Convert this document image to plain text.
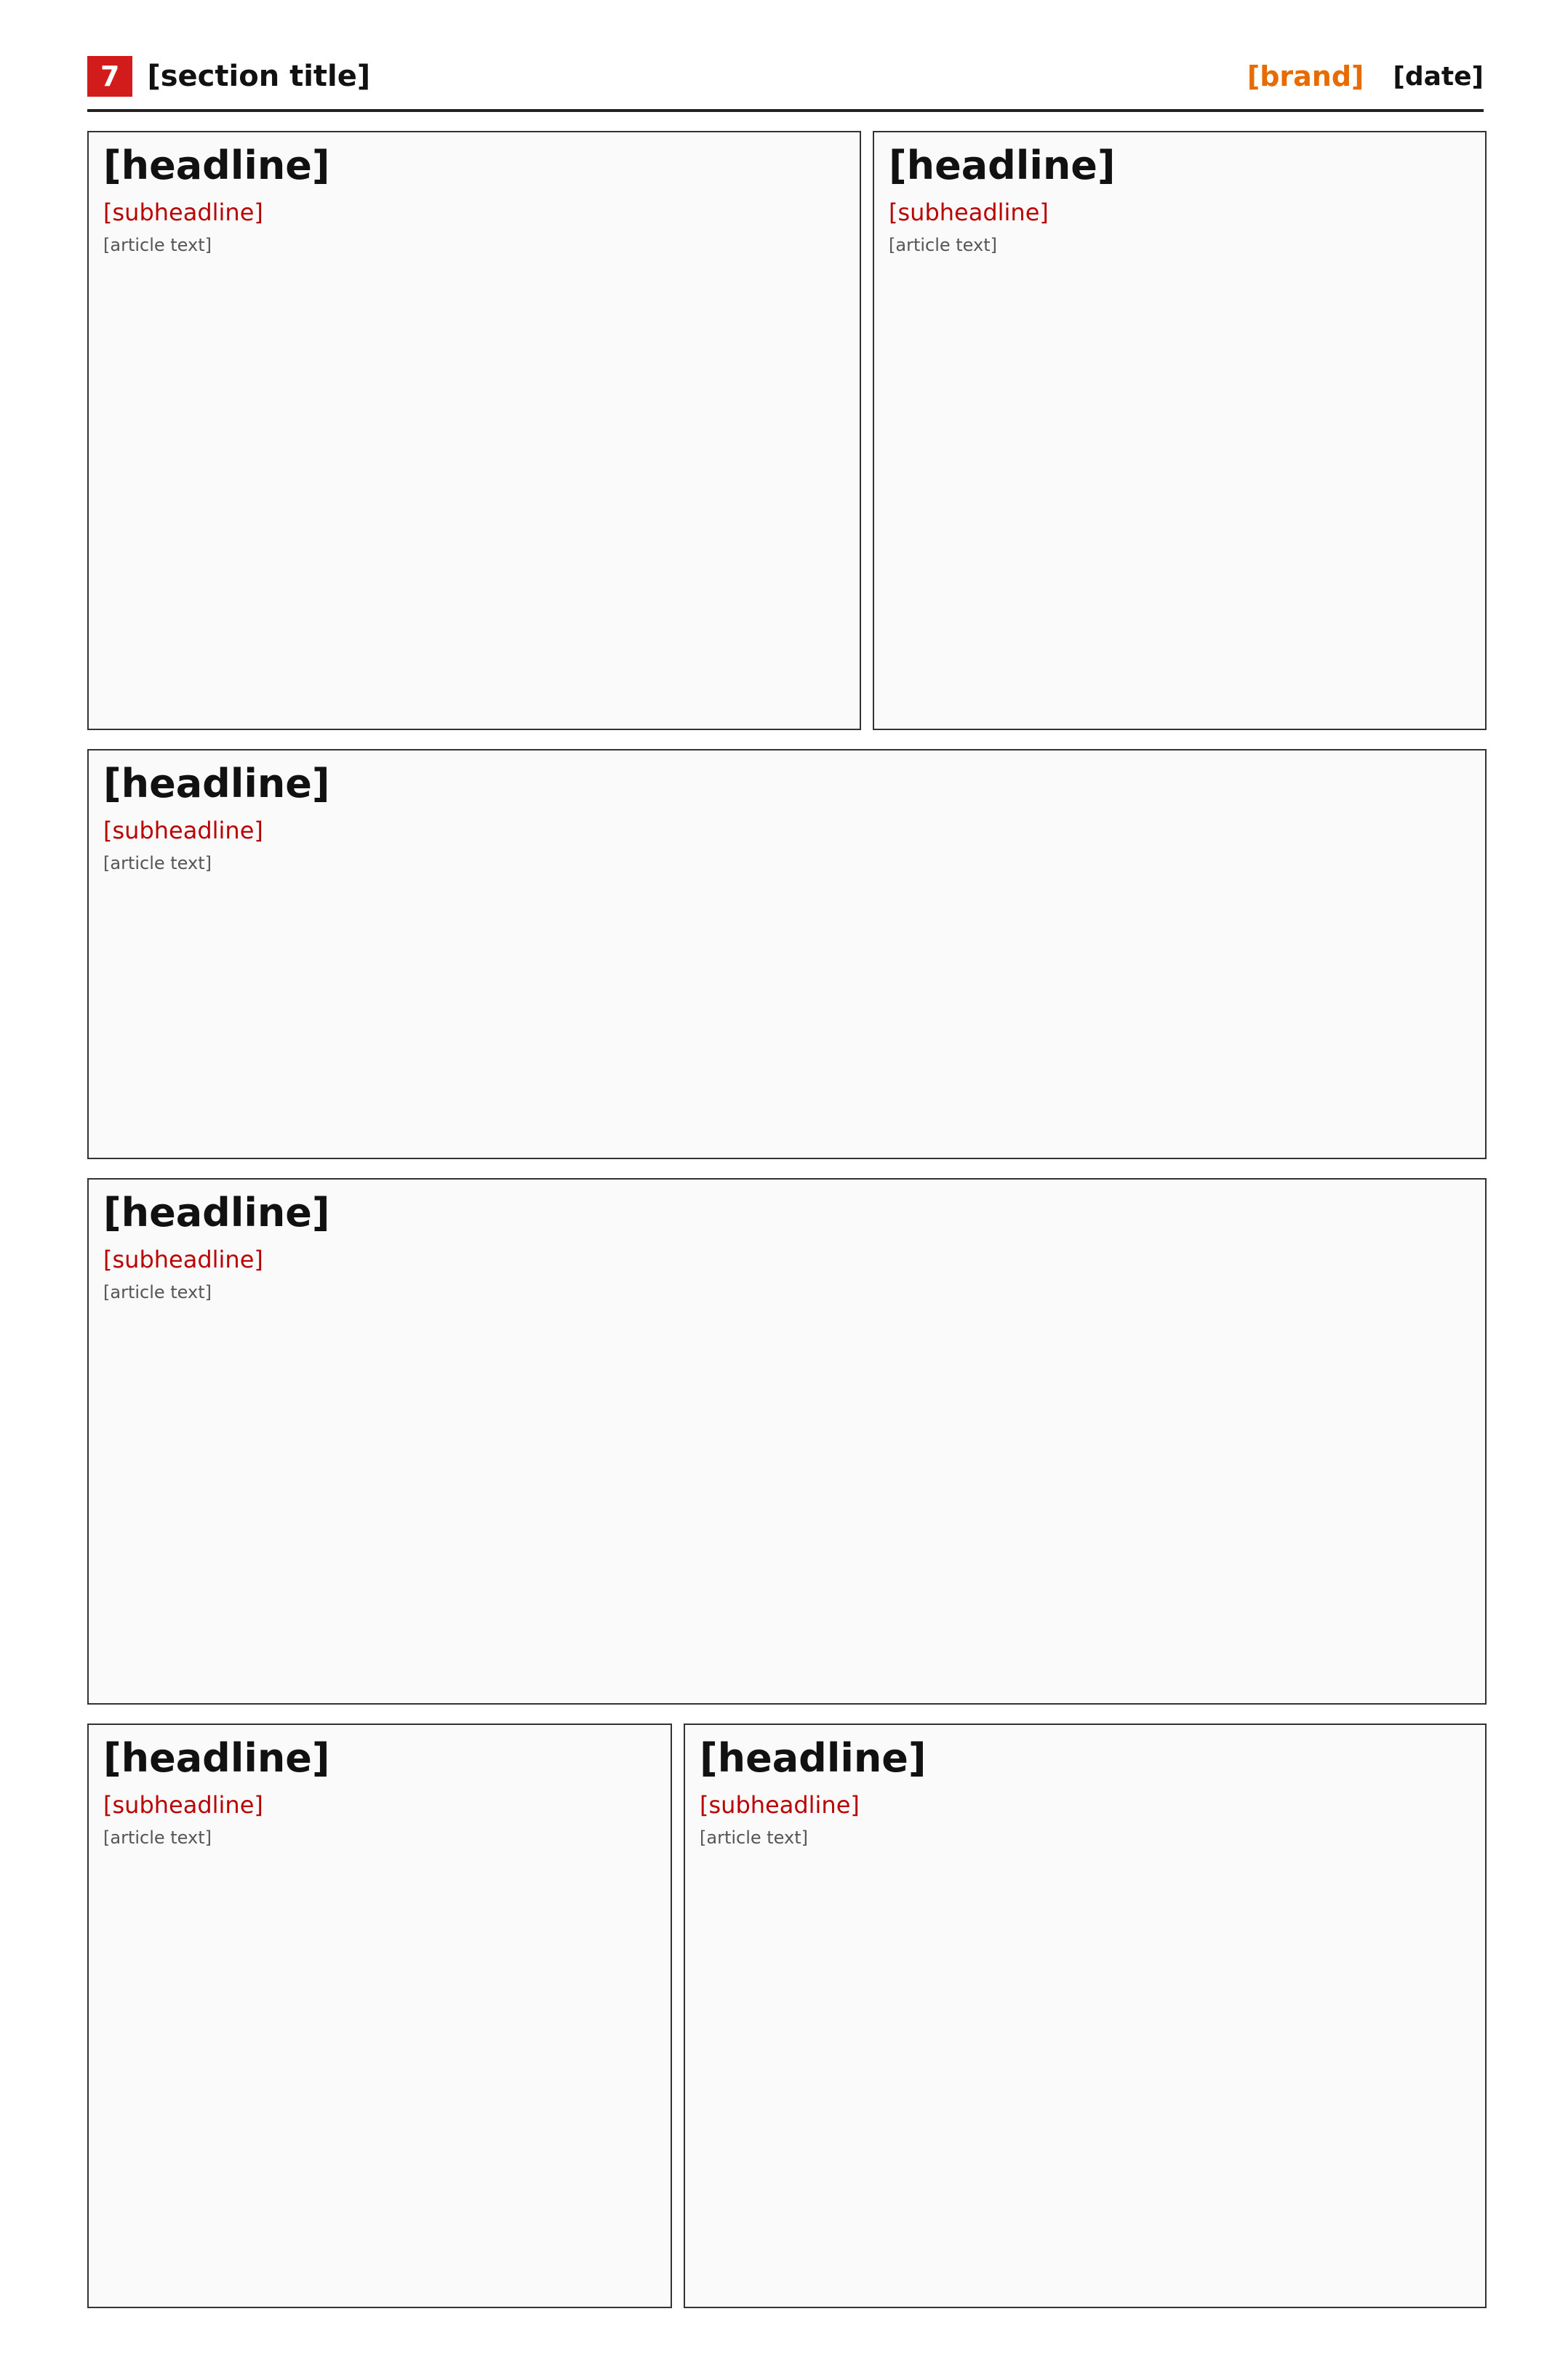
7 [section title]	[brand] [date]
[headline]
[subheadline]
[article text]
[headline]
[subheadline]
[article text]
[headline]
[subheadline]
[article text]
[headline]
[subheadline]
[article text]
[headline]
[subheadline]
[article text]
[headline]
[subheadline]
[article text]
